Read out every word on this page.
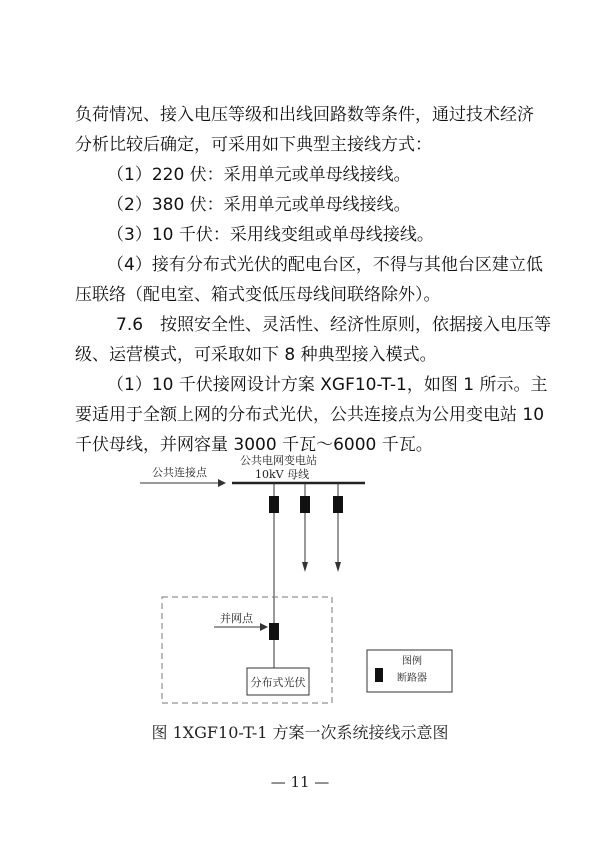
负荷情况、接入电压等级和出线回路数等条件，通过技术经济
分析比较后确定，可采用如下典型主接线方式：
（1）220 伏：采用单元或单母线接线。
（2）380 伏：采用单元或单母线接线。
（3）10 千伏：采用线变组或单母线接线。
（4）接有分布式光伏的配电台区，不得与其他台区建立低
压联络（配电室、箱式变低压母线间联络除外）。
7.6　按照安全性、灵活性、经济性原则，依据接入电压等
级、运营模式，可采取如下 8 种典型接入模式。
（1）10 千伏接网设计方案 XGF10-T-1，如图 1 所示。主
要适用于全额上网的分布式光伏，公共连接点为公用变电站 10
千伏母线，并网容量 3000 千瓦～6000 千瓦。
公共连接点
公共电网变电站
10kV 母线
并网点
分布式光伏
图例
断路器
图 1XGF10-T-1 方案一次系统接线示意图
— 11 —
